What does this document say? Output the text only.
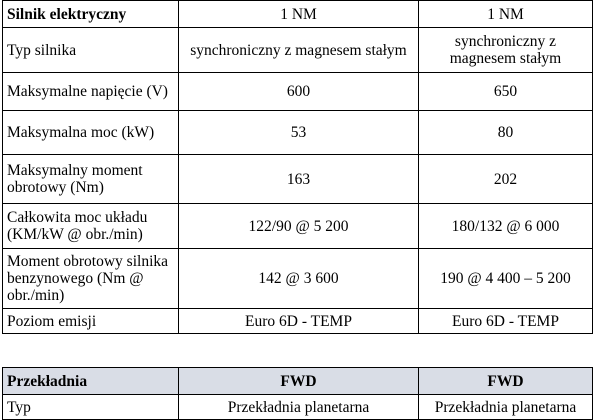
Silnik elektryczny	1 NM	1 NM
Typ silnika	synchroniczny z magnesem stałym	synchroniczny z magnesem stałym
Maksymalne napięcie (V)	600	650
Maksymalna moc (kW)	53	80
Maksymalny moment obrotowy (Nm)	163	202
Całkowita moc układu (KM/kW @ obr./min)	122/90 @ 5 200	180/132 @ 6 000
Moment obrotowy silnika benzynowego (Nm @ obr./min)	142 @ 3 600	190 @ 4 400 – 5 200
Poziom emisji	Euro 6D - TEMP	Euro 6D - TEMP
Przekładnia	FWD	FWD
Typ	Przekładnia planetarna	Przekładnia planetarna
